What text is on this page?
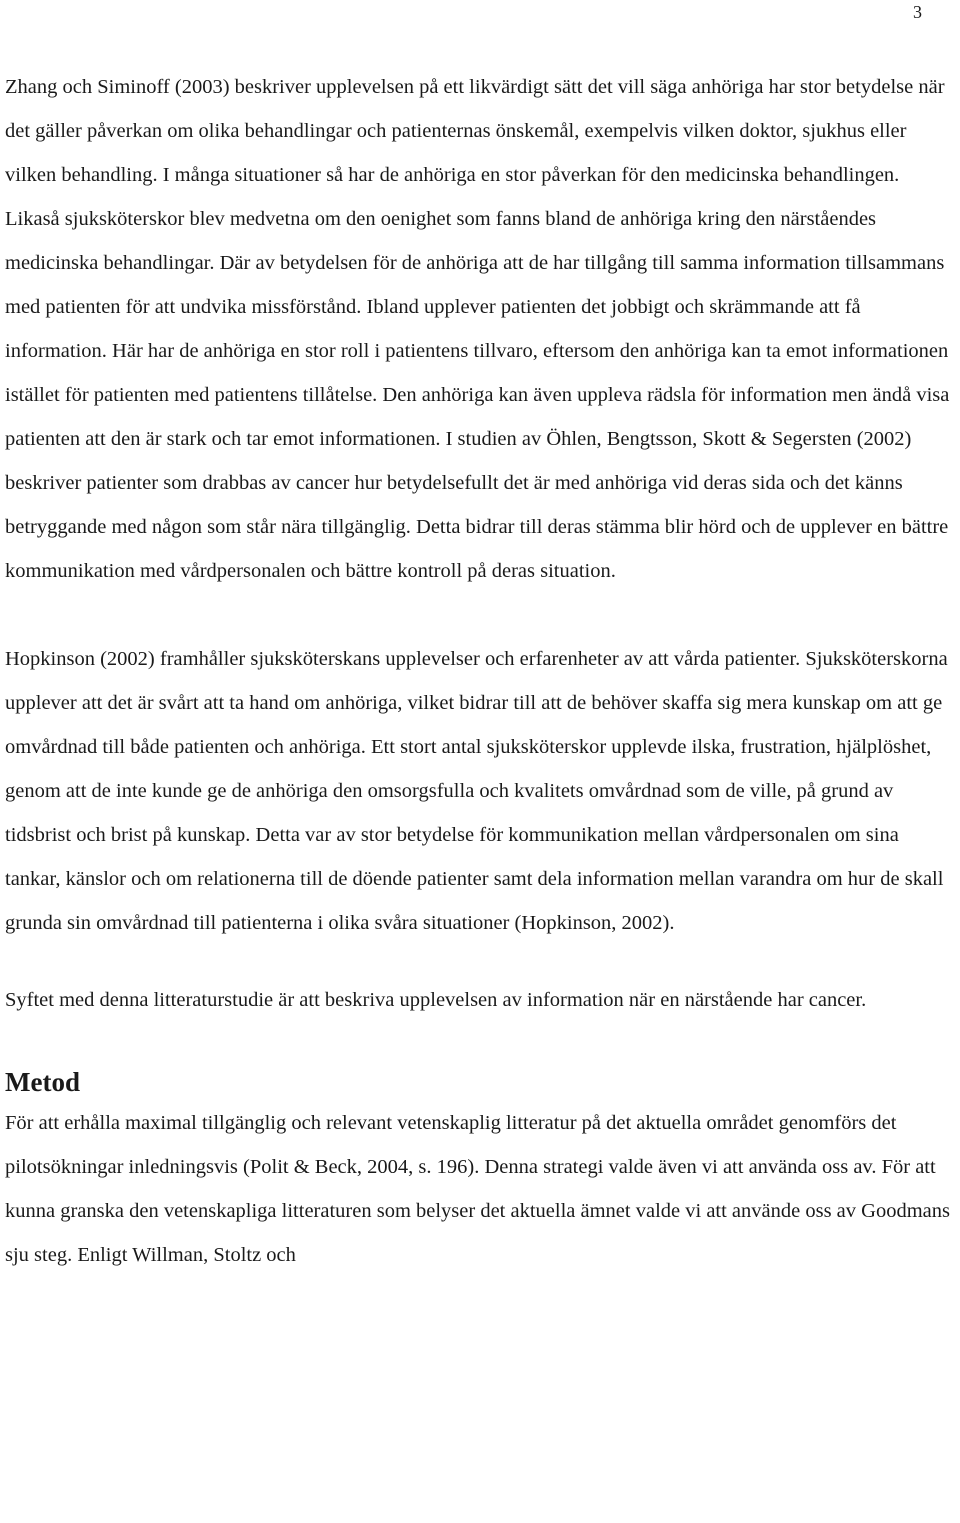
3

Zhang och Siminoff (2003) beskriver upplevelsen på ett likvärdigt sätt det vill säga anhöriga har stor betydelse när det gäller påverkan om olika behandlingar och patienternas önskemål, exempelvis vilken doktor, sjukhus eller vilken behandling. I många situationer så har de anhöriga en stor påverkan för den medicinska behandlingen. Likaså sjuksköterskor blev medvetna om den oenighet som fanns bland de anhöriga kring den närståendes medicinska behandlingar. Där av betydelsen för de anhöriga att de har tillgång till samma information tillsammans med patienten för att undvika missförstånd. Ibland upplever patienten det jobbigt och skrämmande att få information. Här har de anhöriga en stor roll i patientens tillvaro, eftersom den anhöriga kan ta emot informationen istället för patienten med patientens tillåtelse. Den anhöriga kan även uppleva rädsla för information men ändå visa patienten att den är stark och tar emot informationen. I studien av Öhlen, Bengtsson, Skott & Segersten (2002) beskriver patienter som drabbas av cancer hur betydelsefullt det är med anhöriga vid deras sida och det känns betryggande med någon som står nära tillgänglig. Detta bidrar till deras stämma blir hörd och de upplever en bättre kommunikation med vårdpersonalen och bättre kontroll på deras situation.

Hopkinson (2002) framhåller sjuksköterskans upplevelser och erfarenheter av att vårda patienter. Sjuksköterskorna upplever att det är svårt att ta hand om anhöriga, vilket bidrar till att de behöver skaffa sig mera kunskap om att ge omvårdnad till både patienten och anhöriga. Ett stort antal sjuksköterskor upplevde ilska, frustration, hjälplöshet, genom att de inte kunde ge de anhöriga den omsorgsfulla och kvalitets omvårdnad som de ville, på grund av tidsbrist och brist på kunskap. Detta var av stor betydelse för kommunikation mellan vårdpersonalen om sina tankar, känslor och om relationerna till de döende patienter samt dela information mellan varandra om hur de skall grunda sin omvårdnad till patienterna i olika svåra situationer (Hopkinson, 2002).

Syftet med denna litteraturstudie är att beskriva upplevelsen av information när en närstående har cancer.

Metod

För att erhålla maximal tillgänglig och relevant vetenskaplig litteratur på det aktuella området genomförs det pilotsökningar inledningsvis (Polit & Beck, 2004, s. 196). Denna strategi valde även vi att använda oss av. För att kunna granska den vetenskapliga litteraturen som belyser det aktuella ämnet valde vi att använde oss av Goodmans sju steg. Enligt Willman, Stoltz och
